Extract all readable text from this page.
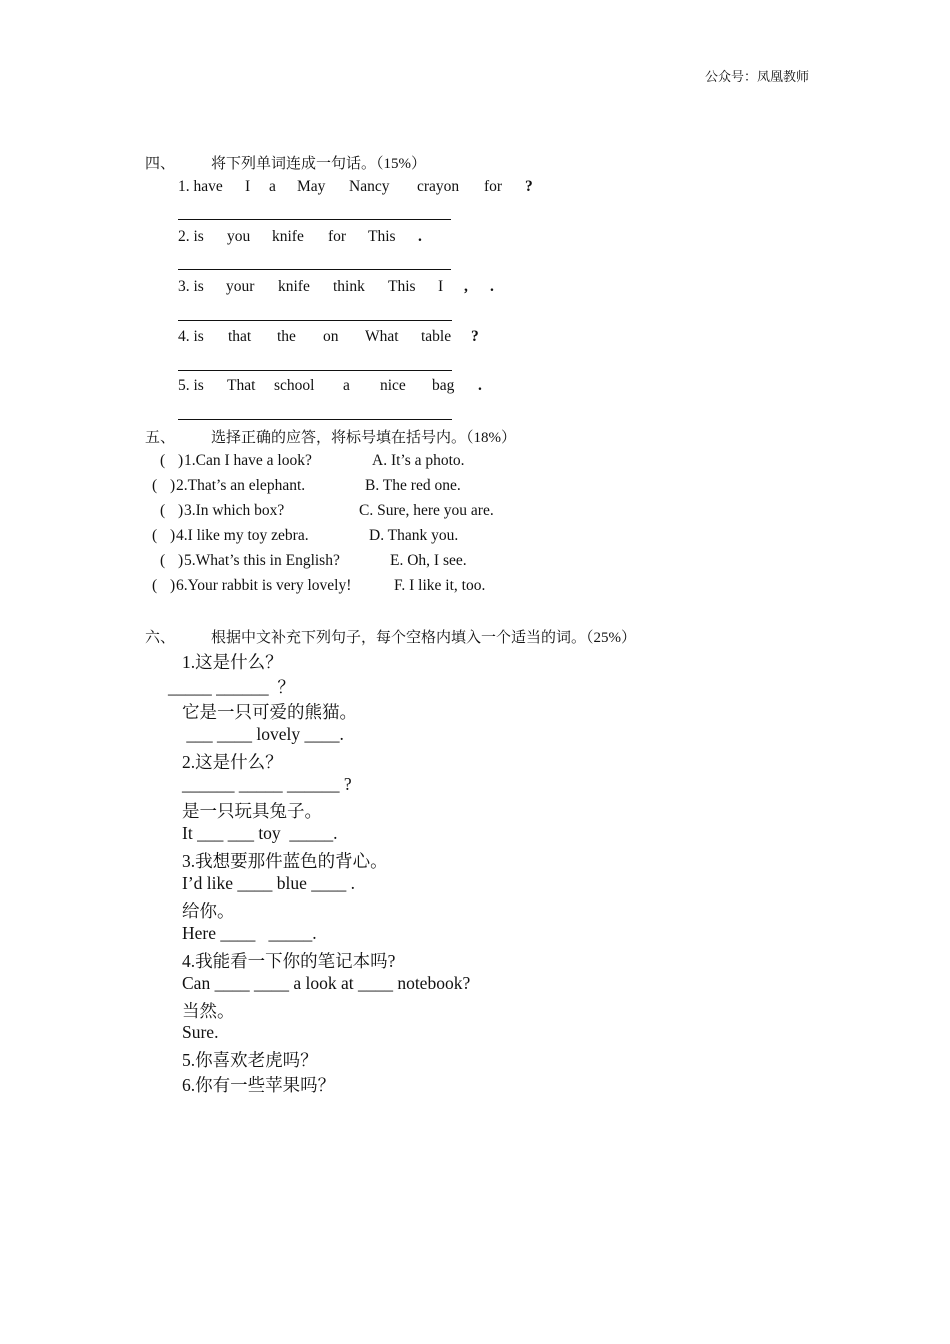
公众号：凤凰教师
四、 将下列单词连成一句话。（15%）
1. have I a May Nancy crayon for ?
2. is you knife for This .
3. is your knife think This I , .
4. is that the on What table ?
5. is That school a nice bag .
五、 选择正确的应答，将标号填在括号内。（18%）
( ) 1.Can I have a look?	A. It’s a photo.
( ) 2.That’s an elephant.	B. The red one.
( ) 3.In which box?	C. Sure, here you are.
( ) 4.I like my toy zebra.	D. Thank you.
( ) 5.What’s this in English?	E. Oh, I see.
( ) 6.Your rabbit is very lovely!	F. I like it, too.
六、 根据中文补充下列句子，每个空格内填入一个适当的词。（25%）
1.这是什么？
_____ ______  ？
它是一只可爱的熊猫。
___ ____ lovely ____.
2.这是什么？
______ _____ ______ ?
是一只玩具兔子。
It ___ ___ toy  _____.
3.我想要那件蓝色的背心。
I’d like ____ blue ____ .
给你。
Here ____   _____.
4.我能看一下你的笔记本吗?
Can ____ ____ a look at ____ notebook?
当然。
Sure.
5.你喜欢老虎吗？
6.你有一些苹果吗？
